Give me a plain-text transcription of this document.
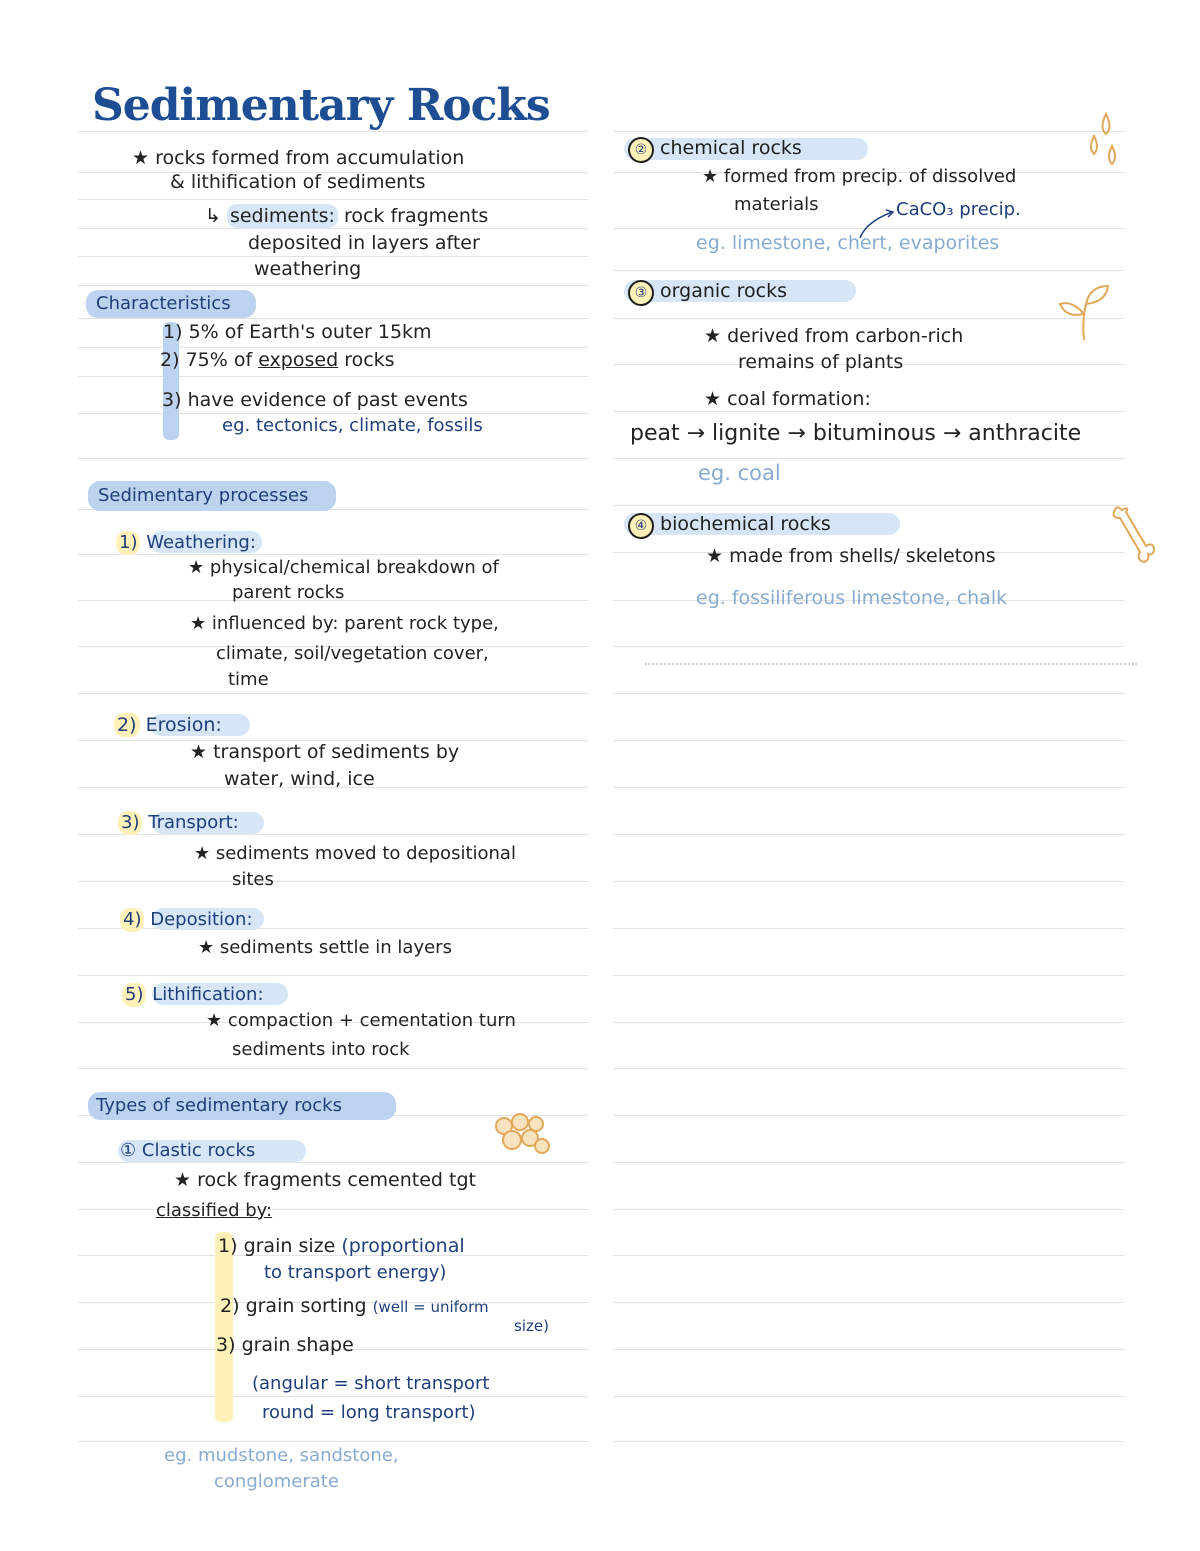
Sedimentary Rocks
★ rocks formed from accumulation
& lithification of sediments
↳ sediments: rock fragments
deposited in layers after
weathering
Characteristics
1) 5% of Earth's outer 15km
2) 75% of exposed rocks
3) have evidence of past events
eg. tectonics, climate, fossils
Sedimentary processes
1) Weathering:
★ physical/chemical breakdown of
parent rocks
★ influenced by: parent rock type,
climate, soil/vegetation cover,
time
2) Erosion:
★ transport of sediments by
water, wind, ice
3) Transport:
★ sediments moved to depositional
sites
4) Deposition:
★ sediments settle in layers
5) Lithification:
★ compaction + cementation turn
sediments into rock
Types of sedimentary rocks
① Clastic rocks
★ rock fragments cemented tgt
classified by:
1) grain size (proportional
to transport energy)
2) grain sorting (well = uniform
size)
3) grain shape
(angular = short transport
round = long transport)
eg. mudstone, sandstone,
conglomerate
② chemical rocks
★ formed from precip. of dissolved
materials	CaCO₃ precip.
eg. limestone, chert, evaporites
③ organic rocks
★ derived from carbon-rich
remains of plants
★ coal formation:
peat → lignite → bituminous → anthracite
eg. coal
④ biochemical rocks
★ made from shells/ skeletons
eg. fossiliferous limestone, chalk
